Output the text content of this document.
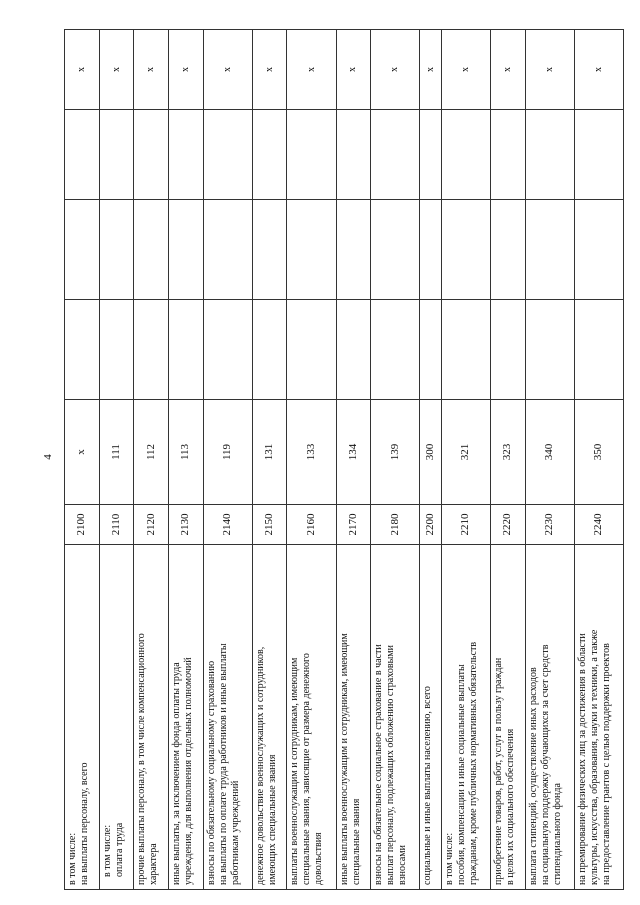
4
в том числе: на выплаты персоналу, всего	2100	x				x

в том числе: оплата труда	2110	111				x

прочие выплаты персоналу, в том числе компенсационного характера	2120	112				x

иные выплаты, за исключением фонда оплаты труда учреждения, для выполнения отдельных полномочий	2130	113				x

взносы по обязательному социальному страхованию на выплаты по оплате труда работников и иные выплаты работникам учреждений	2140	119				x

денежное довольствие военнослужащих и сотрудников, имеющих специальные звания	2150	131				x

выплаты военнослужащим и сотрудникам, имеющим специальные звания, зависящие от размера денежного довольствия	2160	133				x

иные выплаты военнослужащим и сотрудникам, имеющим специальные звания	2170	134				x

взносы на обязательное социальное страхование в части выплат персоналу, подлежащих обложению страховыми взносами	2180	139				x

социальные и иные выплаты населению, всего	2200	300				x

в том числе: пособия, компенсации и иные социальные выплаты гражданам, кроме публичных нормативных обязательств	2210	321				x

приобретение товаров, работ, услуг в пользу граждан в целях их социального обеспечения	2220	323				x

выплата стипендий, осуществление иных расходов на социальную поддержку обучающихся за счет средств стипендиального фонда	2230	340				x

на премирование физических лиц за достижения в области культуры, искусства, образования, науки и техники, а также на предоставление грантов с целью поддержки проектов	2240	350				x
